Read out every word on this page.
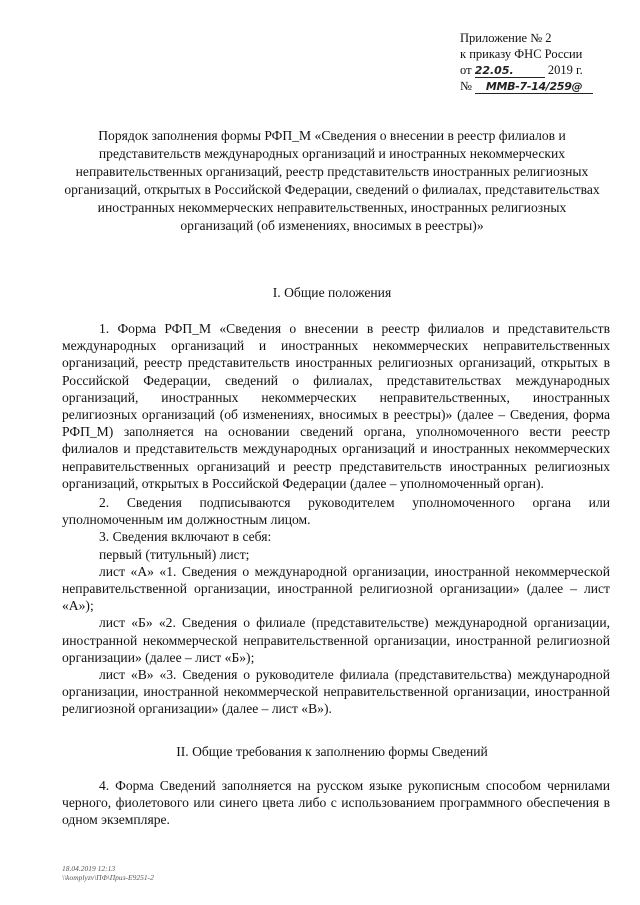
Приложение № 2
к приказу ФНС России
от 22.05.	2019 г.
№ ММВ-7-14/259@
Порядок заполнения формы РФП_М «Сведения о внесении в реестр филиалов и представительств международных организаций и иностранных некоммерческих неправительственных организаций, реестр представительств иностранных религиозных организаций, открытых в Российской Федерации, сведений о филиалах, представительствах иностранных некоммерческих неправительственных, иностранных религиозных организаций (об изменениях, вносимых в реестры)»
I. Общие положения

1. Форма РФП_М «Сведения о внесении в реестр филиалов и представительств международных организаций и иностранных некоммерческих неправительственных организаций, реестр представительств иностранных религиозных организаций, открытых в Российской Федерации, сведений о филиалах, представительствах международных организаций, иностранных некоммерческих неправительственных, иностранных религиозных организаций (об изменениях, вносимых в реестры)» (далее – Сведения, форма РФП_М) заполняется на основании сведений органа, уполномоченного вести реестр филиалов и представительств международных организаций и иностранных некоммерческих неправительственных организаций и реестр представительств иностранных религиозных организаций, открытых в Российской Федерации (далее – уполномоченный орган).

2. Сведения подписываются руководителем уполномоченного органа или уполномоченным им должностным лицом.

3. Сведения включают в себя:

первый (титульный) лист;

лист «А» «1. Сведения о международной организации, иностранной некоммерческой неправительственной организации, иностранной религиозной организации» (далее – лист «А»);

лист «Б» «2. Сведения о филиале (представительстве) международной организации, иностранной некоммерческой неправительственной организации, иностранной религиозной организации» (далее – лист «Б»);

лист «В» «3. Сведения о руководителе филиала (представительства) международной организации, иностранной некоммерческой неправительственной организации, иностранной религиозной организации» (далее – лист «В»).

II. Общие требования к заполнению формы Сведений

4. Форма Сведений заполняется на русском языке рукописным способом чернилами черного, фиолетового или синего цвета либо с использованием программного обеспечения в одном экземпляре.

18.04.2019 12:13
\\komplyzv\ПФ\Приз-E9251-2
